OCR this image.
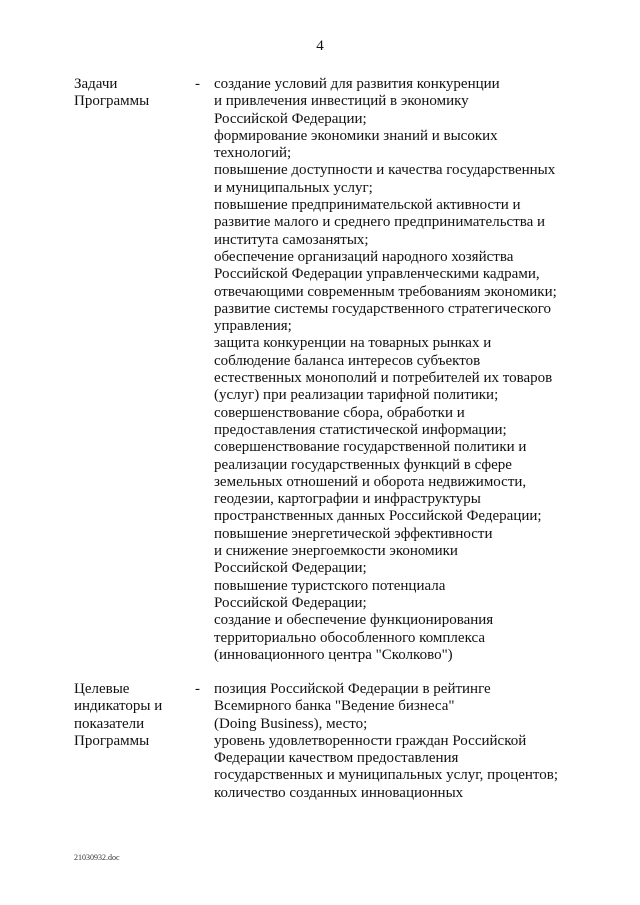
4
Задачи
Программы
- создание условий для развития конкуренции
и привлечения инвестиций в экономику
Российской Федерации;
формирование экономики знаний и высоких
технологий;
повышение доступности и качества государственных
и муниципальных услуг;
повышение предпринимательской активности и
развитие малого и среднего предпринимательства и
института самозанятых;
обеспечение организаций народного хозяйства
Российской Федерации управленческими кадрами,
отвечающими современным требованиям экономики;
развитие системы государственного стратегического
управления;
защита конкуренции на товарных рынках и
соблюдение баланса интересов субъектов
естественных монополий и потребителей их товаров
(услуг) при реализации тарифной политики;
совершенствование сбора, обработки и
предоставления статистической информации;
совершенствование государственной политики и
реализации государственных функций в сфере
земельных отношений и оборота недвижимости,
геодезии, картографии и инфраструктуры
пространственных данных Российской Федерации;
повышение энергетической эффективности
и снижение энергоемкости экономики
Российской Федерации;
повышение туристского потенциала
Российской Федерации;
создание и обеспечение функционирования
территориально обособленного комплекса
(инновационного центра "Сколково")
Целевые
индикаторы и
показатели
Программы
- позиция Российской Федерации в рейтинге
Всемирного банка "Ведение бизнеса"
(Doing Business), место;
уровень удовлетворенности граждан Российской
Федерации качеством предоставления
государственных и муниципальных услуг, процентов;
количество созданных инновационных
21030932.doc
